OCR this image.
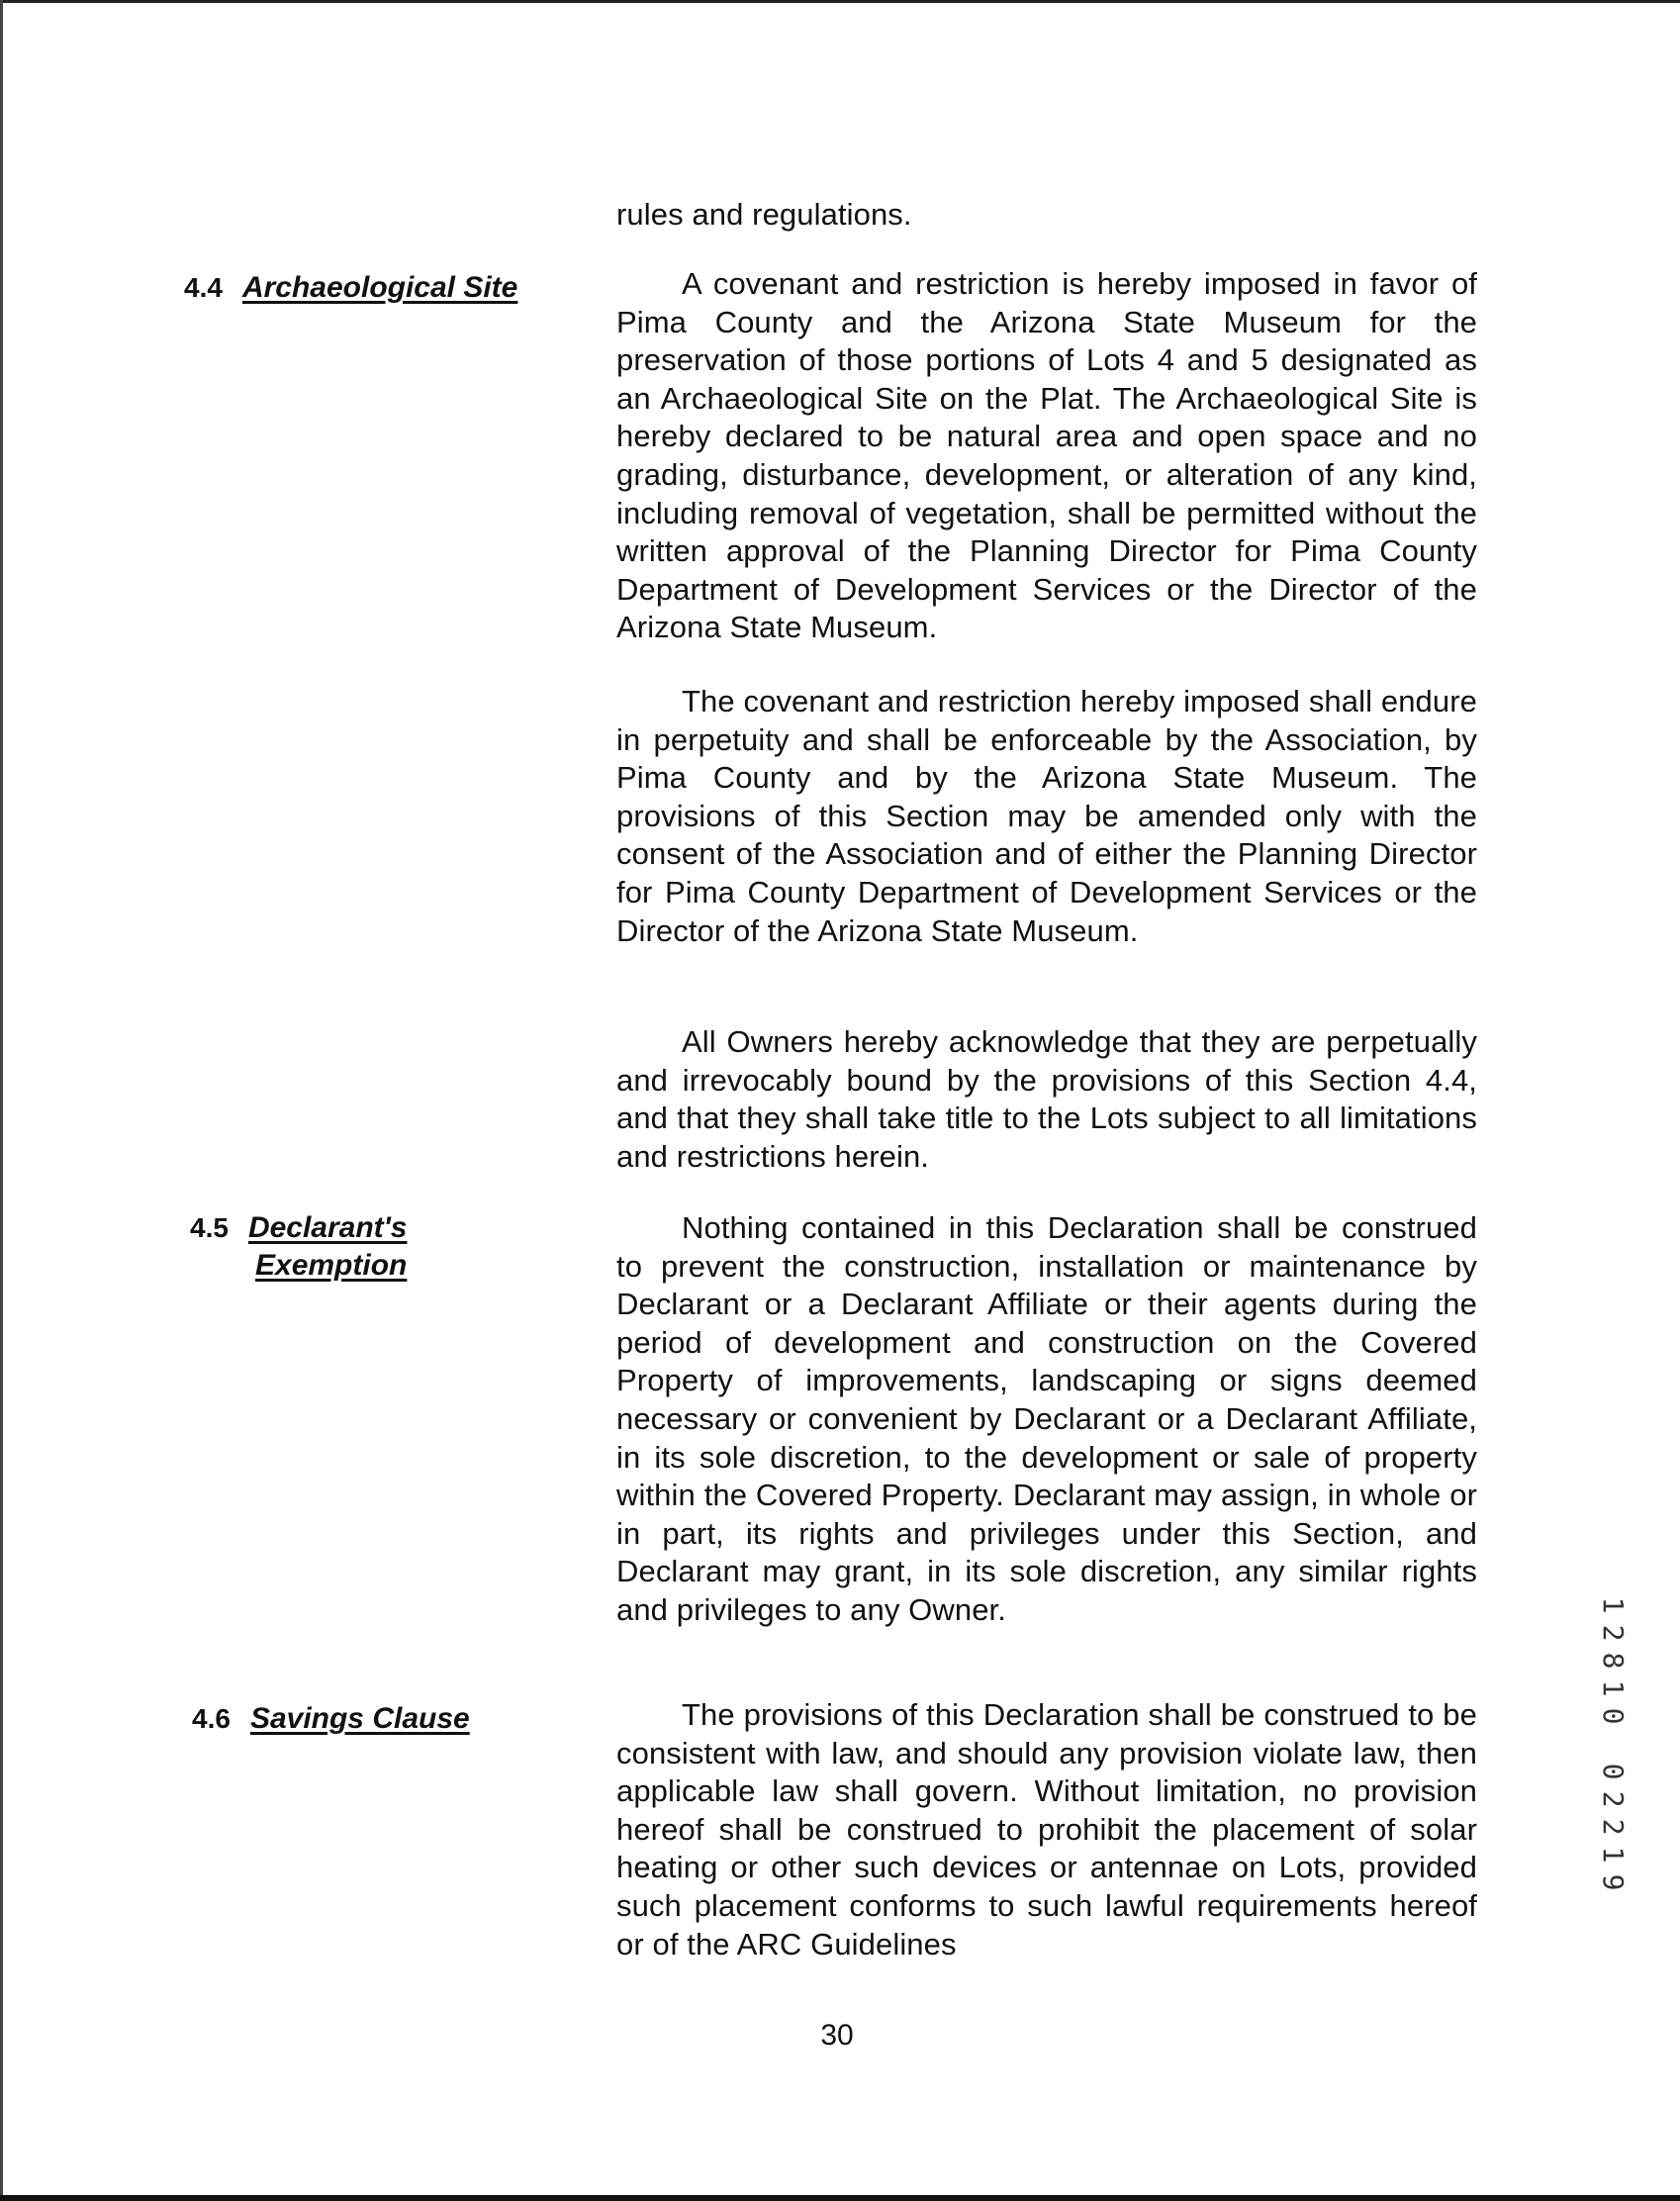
rules and regulations.

4.4 Archaeological Site	A covenant and restriction is hereby imposed in favor of Pima County and the Arizona State Museum for the preservation of those portions of Lots 4 and 5 designated as an Archaeological Site on the Plat. The Archaeological Site is hereby declared to be natural area and open space and no grading, disturbance, development, or alteration of any kind, including removal of vegetation, shall be permitted without the written approval of the Planning Director for Pima County Department of Development Services or the Director of the Arizona State Museum.

The covenant and restriction hereby imposed shall endure in perpetuity and shall be enforceable by the Association, by Pima County and by the Arizona State Museum. The provisions of this Section may be amended only with the consent of the Association and of either the Planning Director for Pima County Department of Development Services or the Director of the Arizona State Museum.

All Owners hereby acknowledge that they are perpetually and irrevocably bound by the provisions of this Section 4.4, and that they shall take title to the Lots subject to all limitations and restrictions herein.

4.5 Declarant's
Exemption

Nothing contained in this Declaration shall be construed to prevent the construction, installation or maintenance by Declarant or a Declarant Affiliate or their agents during the period of development and construction on the Covered Property of improvements, landscaping or signs deemed necessary or convenient by Declarant or a Declarant Affiliate, in its sole discretion, to the development or sale of property within the Covered Property. Declarant may assign, in whole or in part, its rights and privileges under this Section, and Declarant may grant, in its sole discretion, any similar rights and privileges to any Owner.

4.6 Savings Clause	The provisions of this Declaration shall be construed to be consistent with law, and should any provision violate law, then applicable law shall govern. Without limitation, no provision hereof shall be construed to prohibit the placement of solar heating or other such devices or antennae on Lots, provided such placement conforms to such lawful requirements hereof or of the ARC Guidelines

30
1
2
8
1
0
0
2
2
1
9
